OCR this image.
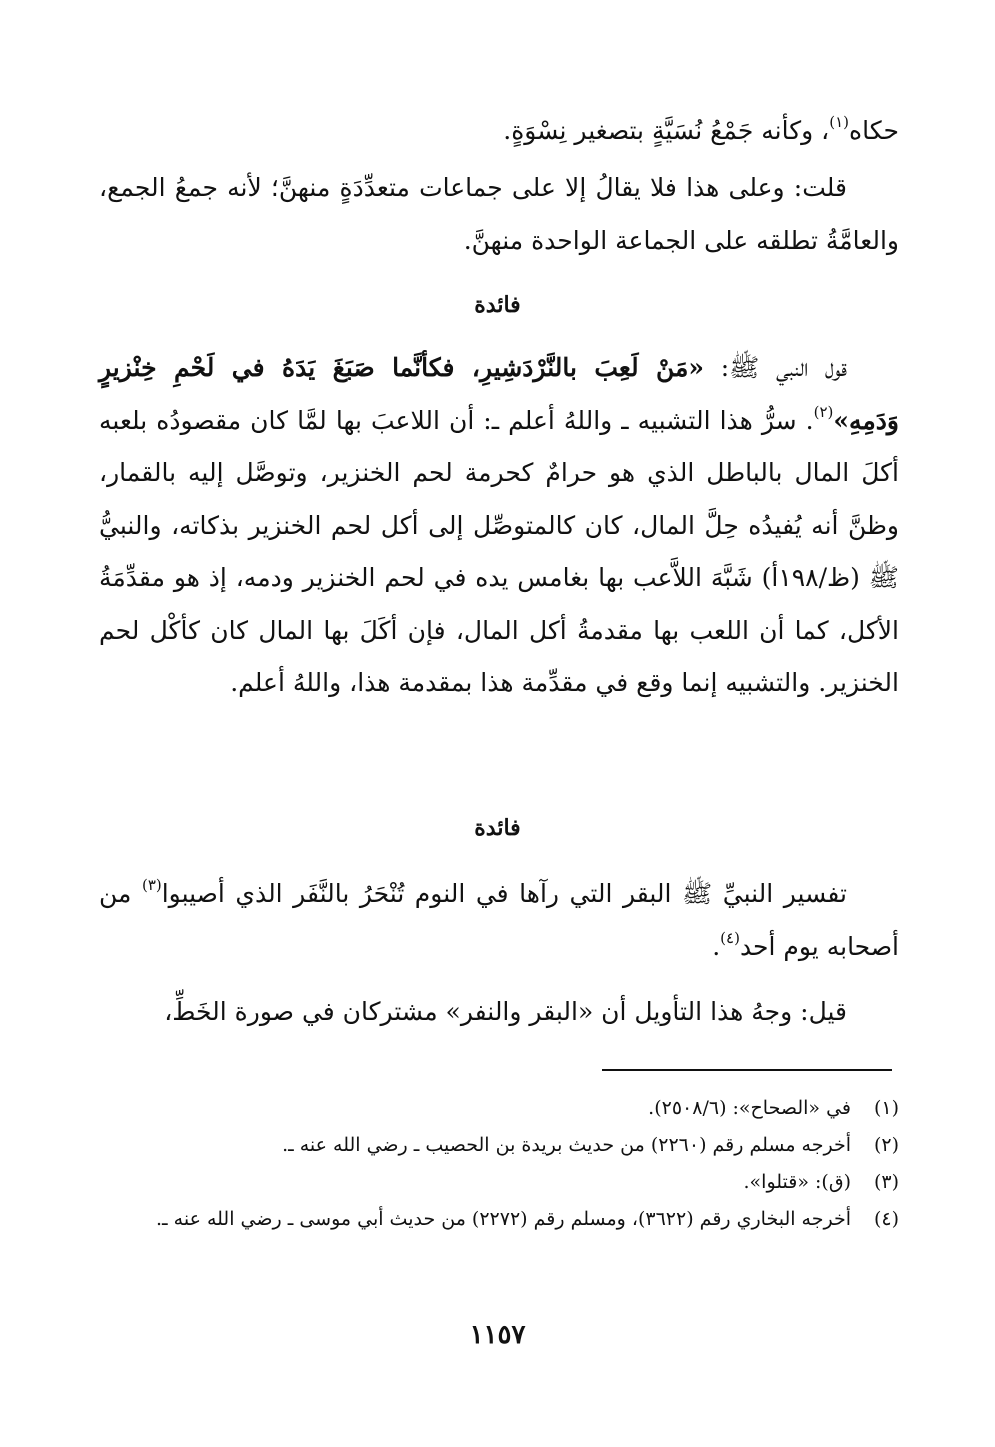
حكاه$^{(١)}$، وكأنه جَمْعُ نُسَيَّةٍ بتصغير نِسْوَةٍ.

قلت: وعلى هذا فلا يقالُ إلا على جماعات متعدِّدَةٍ منهنَّ؛ لأنه جمعُ الجمع، والعامَّةُ تطلقه على الجماعة الواحدة منهنَّ.

فائدة

قول النبي ﷺ: «مَنْ لَعِبَ بالنَّرْدَشِيرِ، فكأنَّما صَبَغَ يَدَهُ في لَحْمِ خِنْزيرٍ وَدَمِهِ»$^{(٢)}$. سرُّ هذا التشبيه ـ واللهُ أعلم ـ: أن اللاعبَ بها لمَّا كان مقصودُه بلعبه أكلَ المال بالباطل الذي هو حرامٌ كحرمة لحم الخنزير، وتوصَّل إليه بالقمار، وظنَّ أنه يُفيدُه حِلَّ المال، كان كالمتوصِّل إلى أكل لحم الخنزير بذكاته، والنبيُّ ﷺ (ظ/١٩٨أ) شَبَّهَ اللاَّعب بها بغامس يده في لحم الخنزير ودمه، إذ هو مقدِّمَةُ الأكل، كما أن اللعب بها مقدمةُ أكل المال، فإن أكَلَ بها المال كان كأكْل لحم الخنزير. والتشبيه إنما وقع في مقدِّمة هذا بمقدمة هذا، واللهُ أعلم.

فائدة

تفسير النبيِّ ﷺ البقر التي رآها في النوم تُنْحَرُ بالنَّفَر الذي أصيبوا$^{(٣)}$ من أصحابه يوم أحد$^{(٤)}$.

قيل: وجهُ هذا التأويل أن «البقر والنفر» مشتركان في صورة الخَطِّ،

(١)
في «الصحاح»: (٢٥٠٨/٦).
(٢)
أخرجه مسلم رقم (٢٢٦٠) من حديث بريدة بن الحصيب ـ رضي الله عنه ـ.
(٣)
(ق): «قتلوا».
(٤)
أخرجه البخاري رقم (٣٦٢٢)، ومسلم رقم (٢٢٧٢) من حديث أبي موسى ـ رضي الله عنه ـ.
١١٥٧
